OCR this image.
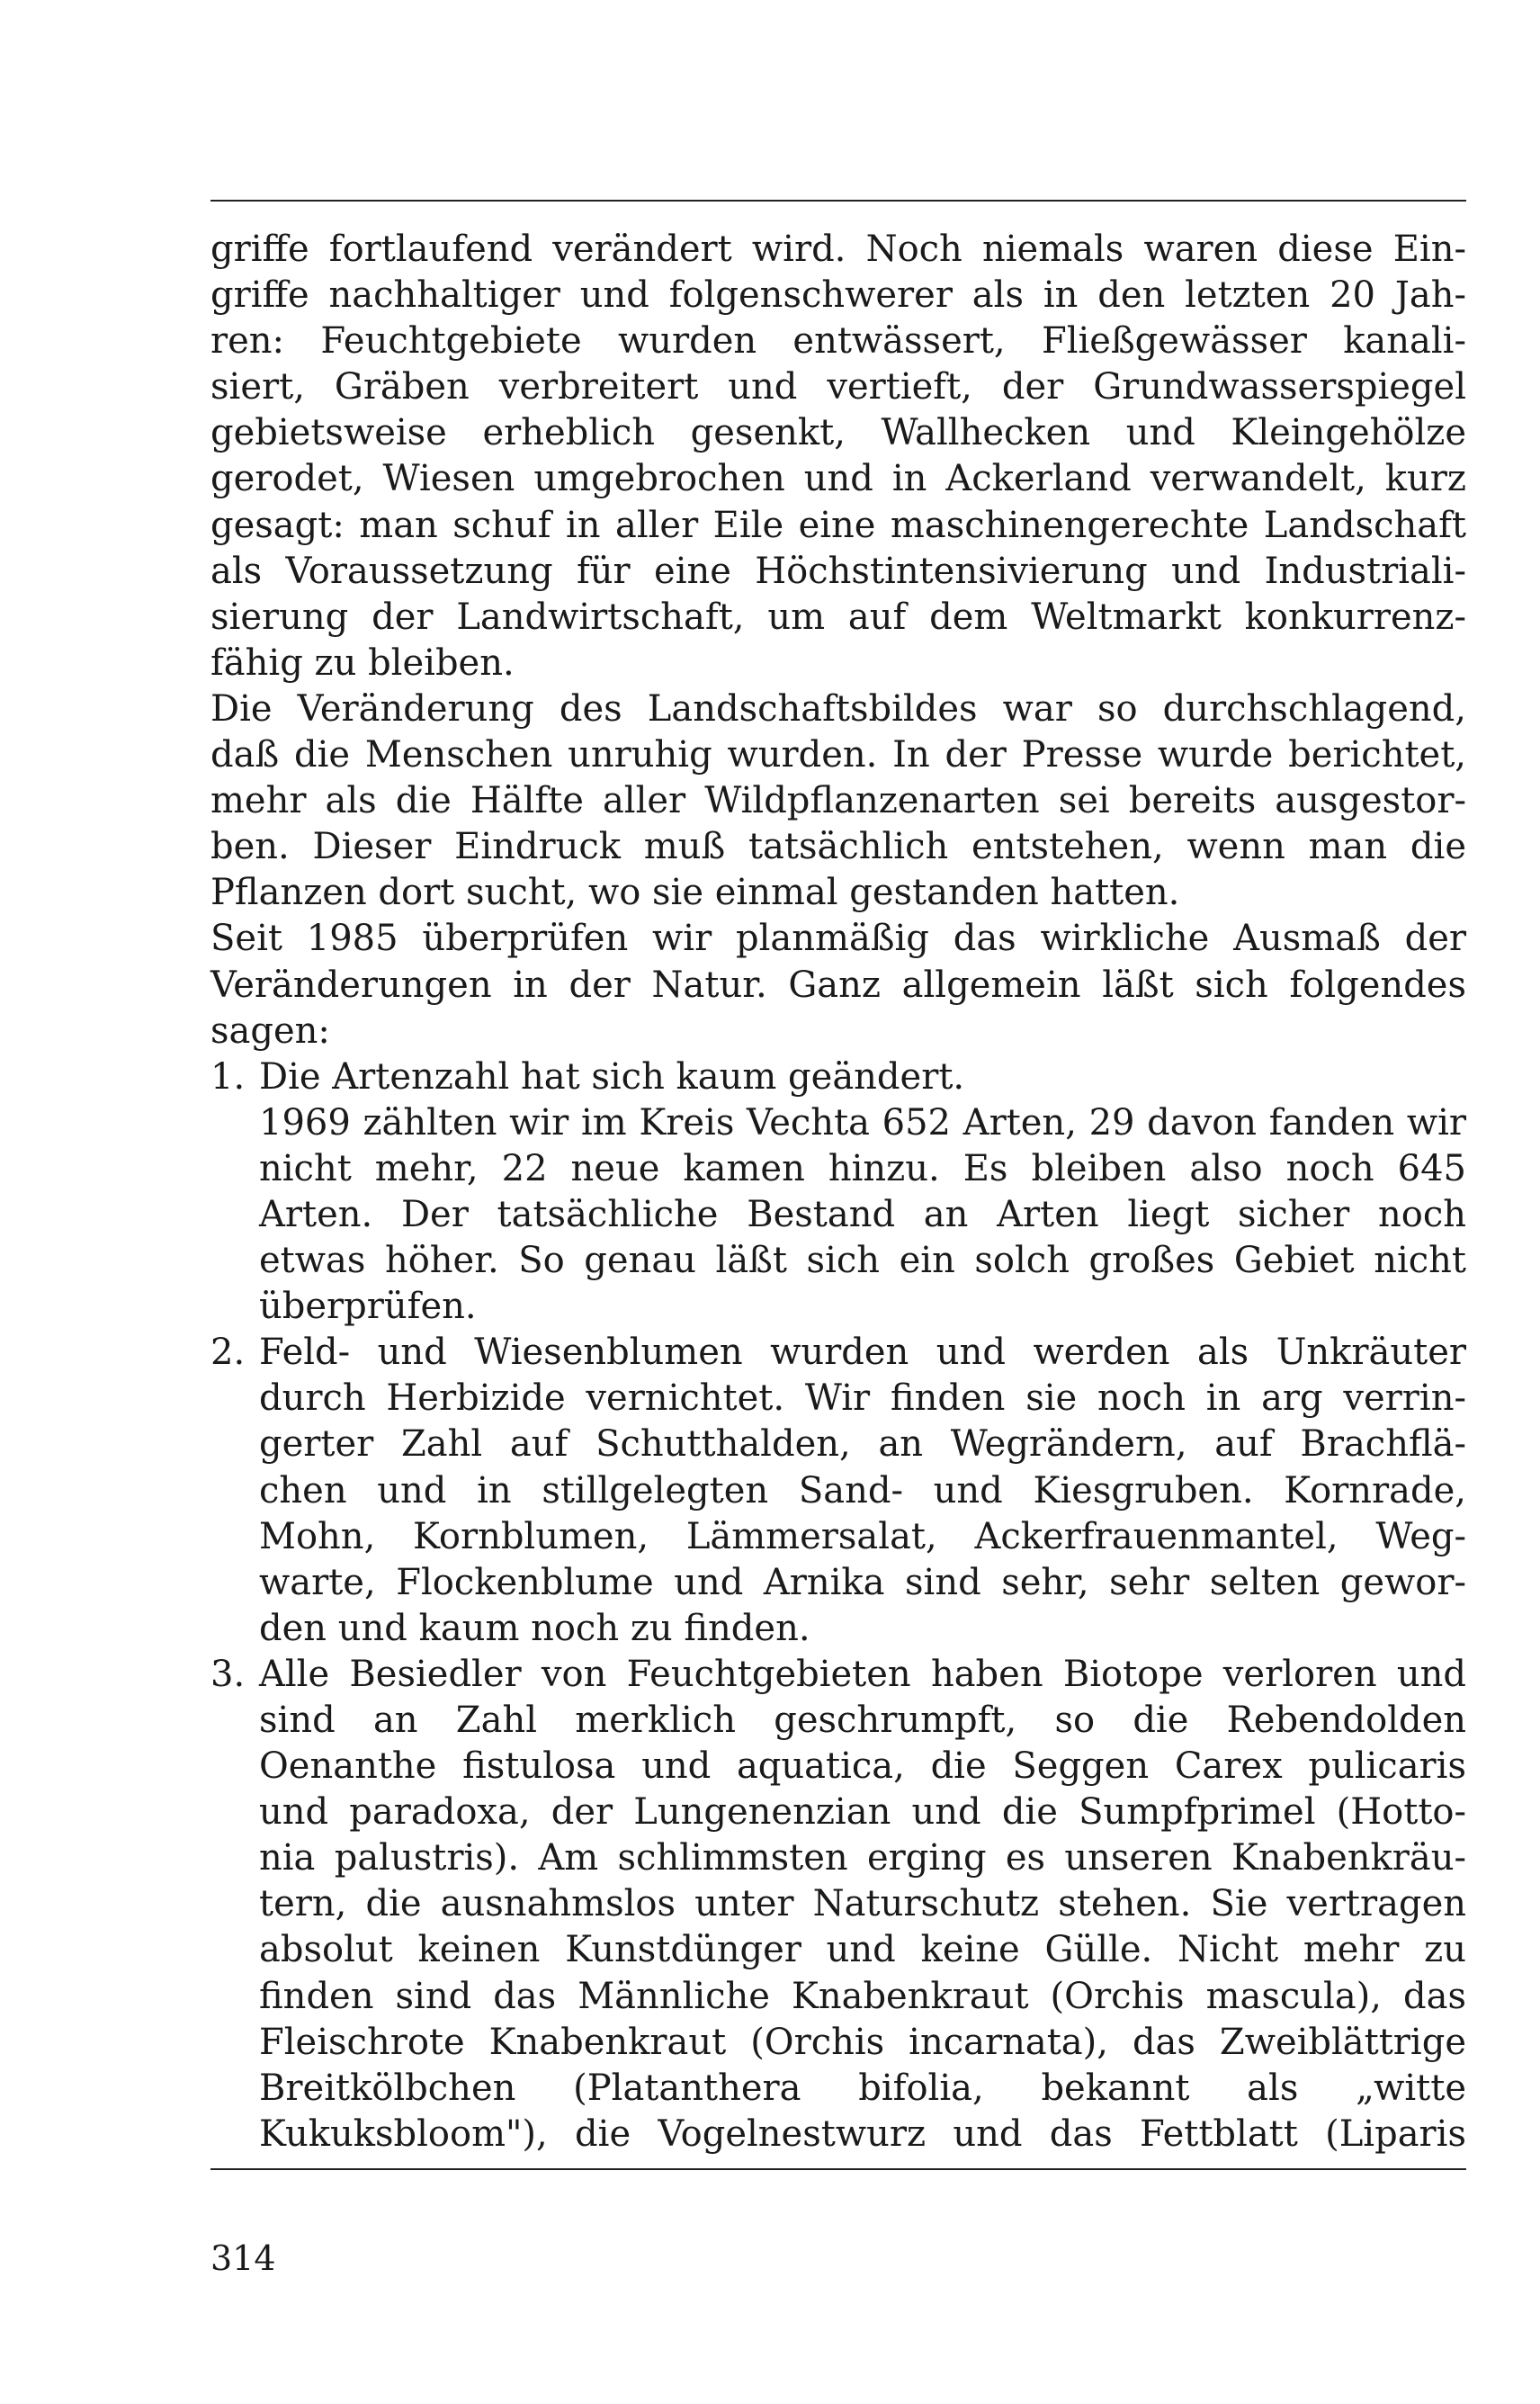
griffe fortlaufend verändert wird. Noch niemals waren diese Ein-
griffe nachhaltiger und folgenschwerer als in den letzten 20 Jah-
ren: Feuchtgebiete wurden entwässert, Fließgewässer kanali-
siert, Gräben verbreitert und vertieft, der Grundwasserspiegel
gebietsweise erheblich gesenkt, Wallhecken und Kleingehölze
gerodet, Wiesen umgebrochen und in Ackerland verwandelt, kurz
gesagt: man schuf in aller Eile eine maschinengerechte Landschaft
als Voraussetzung für eine Höchstintensivierung und Industriali-
sierung der Landwirtschaft, um auf dem Weltmarkt konkurrenz-
fähig zu bleiben.
Die Veränderung des Landschaftsbildes war so durchschlagend,
daß die Menschen unruhig wurden. In der Presse wurde berichtet,
mehr als die Hälfte aller Wildpflanzenarten sei bereits ausgestor-
ben. Dieser Eindruck muß tatsächlich entstehen, wenn man die
Pflanzen dort sucht, wo sie einmal gestanden hatten.
Seit 1985 überprüfen wir planmäßig das wirkliche Ausmaß der
Veränderungen in der Natur. Ganz allgemein läßt sich folgendes
sagen:
1. Die Artenzahl hat sich kaum geändert.
1969 zählten wir im Kreis Vechta 652 Arten, 29 davon fanden wir
nicht mehr, 22 neue kamen hinzu. Es bleiben also noch 645
Arten. Der tatsächliche Bestand an Arten liegt sicher noch
etwas höher. So genau läßt sich ein solch großes Gebiet nicht
überprüfen.
2. Feld- und Wiesenblumen wurden und werden als Unkräuter
durch Herbizide vernichtet. Wir finden sie noch in arg verrin-
gerter Zahl auf Schutthalden, an Wegrändern, auf Brachflä-
chen und in stillgelegten Sand- und Kiesgruben. Kornrade,
Mohn, Kornblumen, Lämmersalat, Ackerfrauenmantel, Weg-
warte, Flockenblume und Arnika sind sehr, sehr selten gewor-
den und kaum noch zu finden.
3. Alle Besiedler von Feuchtgebieten haben Biotope verloren und
sind an Zahl merklich geschrumpft, so die Rebendolden
Oenanthe fistulosa und aquatica, die Seggen Carex pulicaris
und paradoxa, der Lungenenzian und die Sumpfprimel (Hotto-
nia palustris). Am schlimmsten erging es unseren Knabenkräu-
tern, die ausnahmslos unter Naturschutz stehen. Sie vertragen
absolut keinen Kunstdünger und keine Gülle. Nicht mehr zu
finden sind das Männliche Knabenkraut (Orchis mascula), das
Fleischrote Knabenkraut (Orchis incarnata), das Zweiblättrige
Breitkölbchen (Platanthera bifolia, bekannt als „witte
Kukuksbloom"), die Vogelnestwurz und das Fettblatt (Liparis
314
